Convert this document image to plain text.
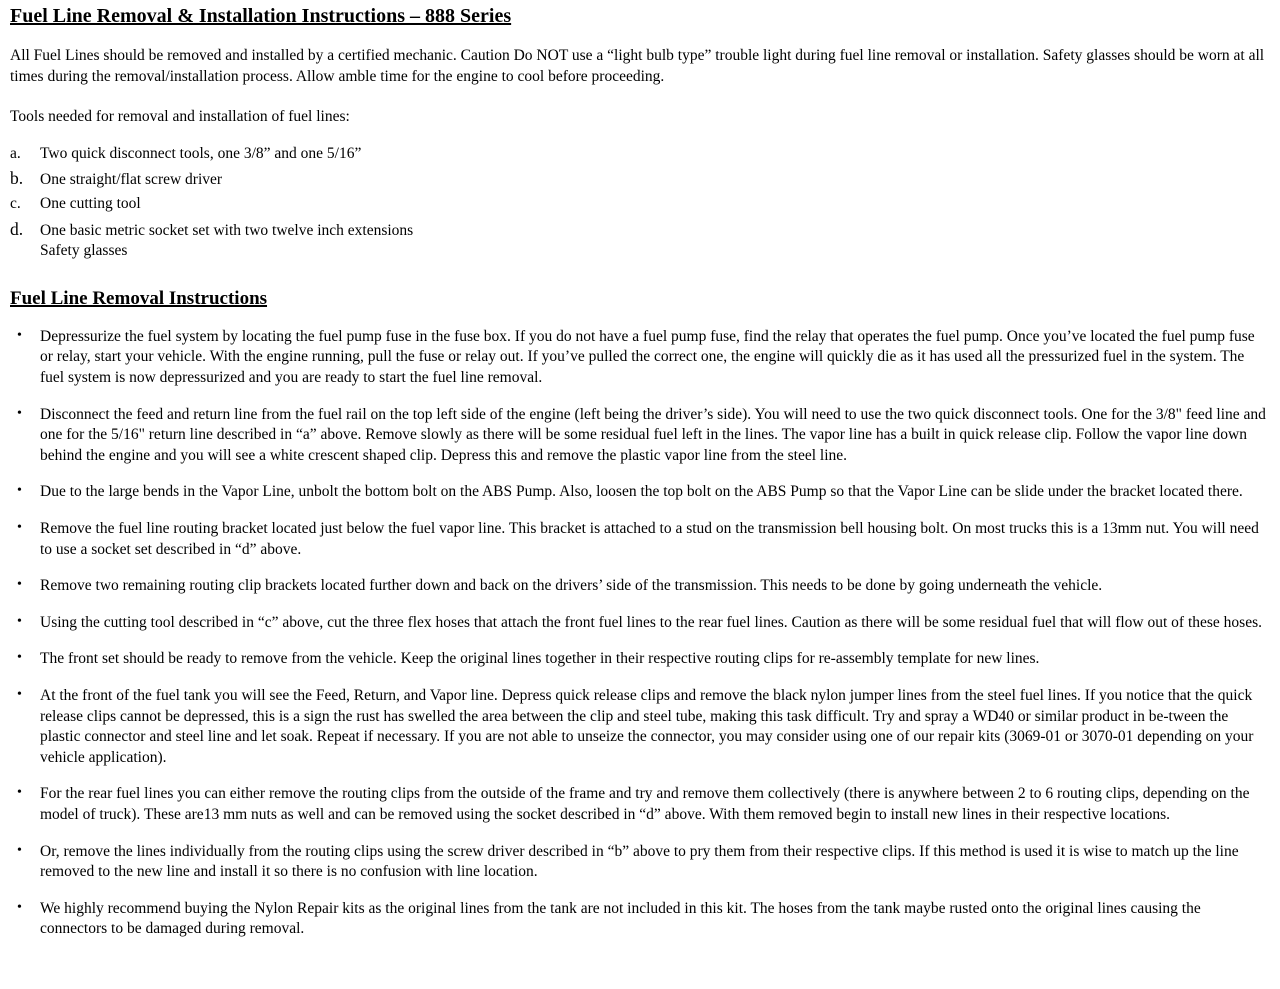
Fuel Line Removal & Installation Instructions – 888 Series

All Fuel Lines should be removed and installed by a certified mechanic. Caution Do NOT use a “light bulb type” trouble light during fuel line removal or installation. Safety glasses should be worn at all times during the removal/installation process. Allow amble time for the engine to cool before proceeding.

Tools needed for removal and installation of fuel lines:

a.	Two quick disconnect tools, one 3/8” and one 5/16”
b.	One straight/flat screw driver
c.	One cutting tool
d.	One basic metric socket set with two twelve inch extensions
Safety glasses
Fuel Line Removal Instructions
•	Depressurize the fuel system by locating the fuel pump fuse in the fuse box. If you do not have a fuel pump fuse, find the relay that operates the fuel pump. Once you’ve located the fuel pump fuse or relay, start your vehicle. With the engine running, pull the fuse or relay out. If you’ve pulled the correct one, the engine will quickly die as it has used all the pressurized fuel in the system. The fuel system is now depressurized and you are ready to start the fuel line removal.
•	Disconnect the feed and return line from the fuel rail on the top left side of the engine (left being the driver’s side). You will need to use the two quick disconnect tools. One for the 3/8" feed line and one for the 5/16" return line described in “a” above. Remove slowly as there will be some residual fuel left in the lines. The vapor line has a built in quick release clip. Follow the vapor line down behind the engine and you will see a white crescent shaped clip. Depress this and remove the plastic vapor line from the steel line.
•	Due to the large bends in the Vapor Line, unbolt the bottom bolt on the ABS Pump. Also, loosen the top bolt on the ABS Pump so that the Vapor Line can be slide under the bracket located there.
•	Remove the fuel line routing bracket located just below the fuel vapor line. This bracket is attached to a stud on the transmission bell housing bolt. On most trucks this is a 13mm nut. You will need to use a socket set described in “d” above.
•	Remove two remaining routing clip brackets located further down and back on the drivers’ side of the transmission. This needs to be done by going underneath the vehicle.
•	Using the cutting tool described in “c” above, cut the three flex hoses that attach the front fuel lines to the rear fuel lines. Caution as there will be some residual fuel that will flow out of these hoses.
•	The front set should be ready to remove from the vehicle. Keep the original lines together in their respective routing clips for re-assembly template for new lines.
•	At the front of the fuel tank you will see the Feed, Return, and Vapor line. Depress quick release clips and remove the black nylon jumper lines from the steel fuel lines. If you notice that the quick release clips cannot be depressed, this is a sign the rust has swelled the area between the clip and steel tube, making this task difficult. Try and spray a WD40 or similar product in be-tween the plastic connector and steel line and let soak. Repeat if necessary. If you are not able to unseize the connector, you may consider using one of our repair kits (3069-01 or 3070-01 depending on your vehicle application).
•	For the rear fuel lines you can either remove the routing clips from the outside of the frame and try and remove them collectively (there is anywhere between 2 to 6 routing clips, depending on the model of truck). These are13 mm nuts as well and can be removed using the socket described in “d” above. With them removed begin to install new lines in their respective locations.
•	Or, remove the lines individually from the routing clips using the screw driver described in “b” above to pry them from their respective clips. If this method is used it is wise to match up the line removed to the new line and install it so there is no confusion with line location.
•	We highly recommend buying the Nylon Repair kits as the original lines from the tank are not included in this kit. The hoses from the tank maybe rusted onto the original lines causing the connectors to be damaged during removal.
